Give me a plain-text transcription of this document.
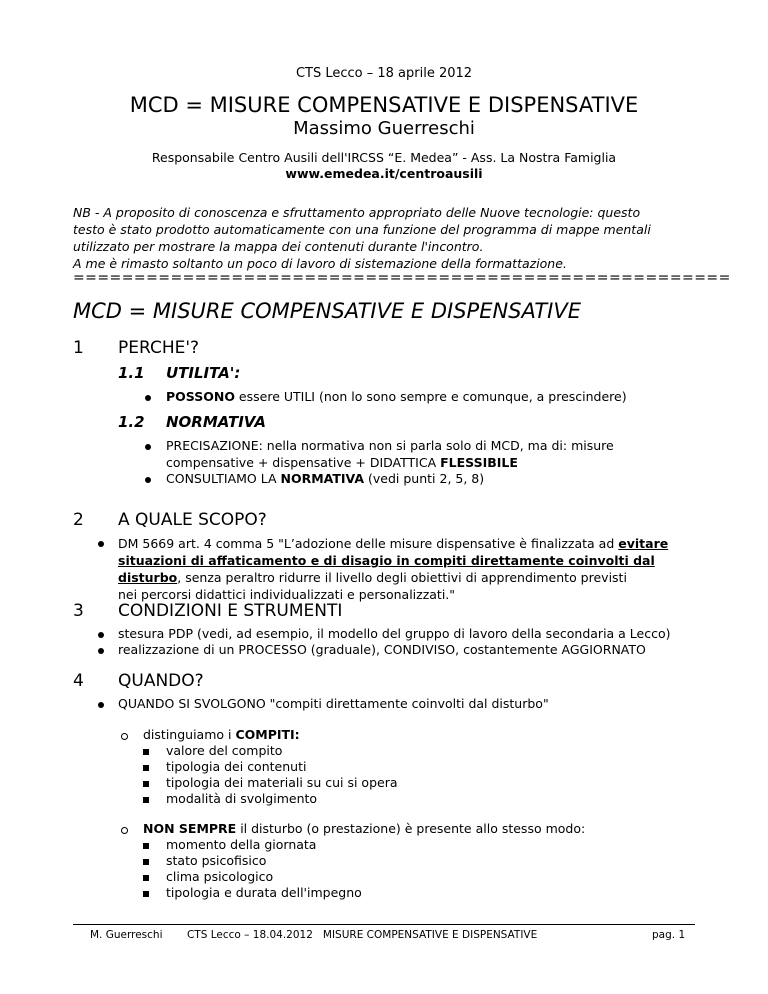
CTS Lecco – 18 aprile 2012
MCD = MISURE COMPENSATIVE E DISPENSATIVE
Massimo Guerreschi
Responsabile Centro Ausili dell'IRCSS “E. Medea” - Ass. La Nostra Famiglia
www.emedea.it/centroausili
NB - A proposito di conoscenza e sfruttamento appropriato delle Nuove tecnologie: questo
testo è stato prodotto automaticamente con una funzione del programma di mappe mentali
utilizzato per mostrare la mappa dei contenuti durante l'incontro.
A me è rimasto soltanto un poco di lavoro di sistemazione della formattazione.
======================================================
MCD = MISURE COMPENSATIVE E DISPENSATIVE
1 PERCHE'?
1.1 UTILITA':
POSSONO essere UTILI (non lo sono sempre e comunque, a prescindere)
1.2 NORMATIVA
PRECISAZIONE: nella normativa non si parla solo di MCD, ma di: misure
compensative + dispensative + DIDATTICA FLESSIBILE
CONSULTIAMO LA NORMATIVA (vedi punti 2, 5, 8)
2 A QUALE SCOPO?
DM 5669 art. 4 comma 5 "L’adozione delle misure dispensative è finalizzata ad evitare
situazioni di affaticamento e di disagio in compiti direttamente coinvolti dal
disturbo, senza peraltro ridurre il livello degli obiettivi di apprendimento previsti
nei percorsi didattici individualizzati e personalizzati."
3 CONDIZIONI E STRUMENTI
stesura PDP (vedi, ad esempio, il modello del gruppo di lavoro della secondaria a Lecco)
realizzazione di un PROCESSO (graduale), CONDIVISO, costantemente AGGIORNATO
4 QUANDO?
QUANDO SI SVOLGONO "compiti direttamente coinvolti dal disturbo"
distinguiamo i COMPITI:
valore del compito
tipologia dei contenuti
tipologia dei materiali su cui si opera
modalità di svolgimento
NON SEMPRE il disturbo (o prestazione) è presente allo stesso modo:
momento della giornata
stato psicofisico
clima psicologico
tipologia e durata dell'impegno
M. Guerreschi CTS Lecco – 18.04.2012   MISURE COMPENSATIVE E DISPENSATIVE	pag. 1
